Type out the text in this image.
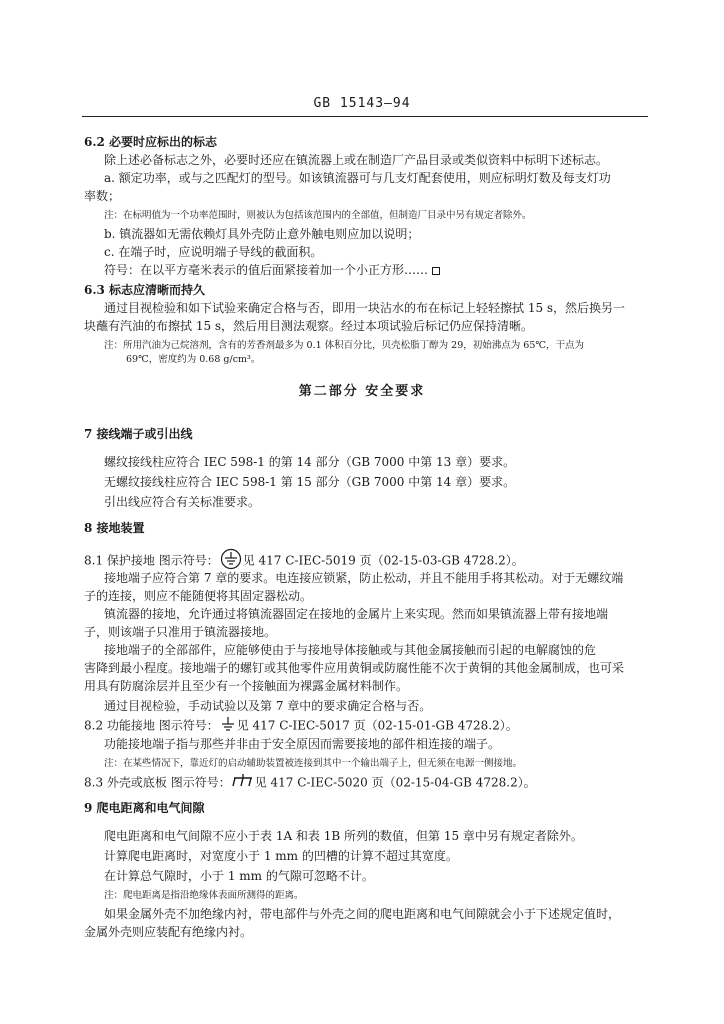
GB 15143—94
6.2 必要时应标出的标志
除上述必备标志之外，必要时还应在镇流器上或在制造厂产品目录或类似资料中标明下述标志。
a. 额定功率，或与之匹配灯的型号。如该镇流器可与几支灯配套使用，则应标明灯数及每支灯功
率数；
注：在标明值为一个功率范围时，则被认为包括该范围内的全部值，但制造厂目录中另有规定者除外。
b. 镇流器如无需依赖灯具外壳防止意外触电则应加以说明；
c. 在端子时，应说明端子导线的截面积。
符号：在以平方毫米表示的值后面紧接着加一个小正方形……
6.3 标志应清晰而持久
通过目视检验和如下试验来确定合格与否，即用一块沾水的布在标记上轻轻擦拭 15 s，然后换另一
块蘸有汽油的布擦拭 15 s，然后用目测法观察。经过本项试验后标记仍应保持清晰。
注：所用汽油为己烷溶剂，含有的芳香剂最多为 0.1 体积百分比，贝壳松脂丁醇为 29，初始沸点为 65℃，干点为
69℃，密度约为 0.68 g/cm³。
第二部分 安全要求
7 接线端子或引出线
螺纹接线柱应符合 IEC 598-1 的第 14 部分（GB 7000 中第 13 章）要求。
无螺纹接线柱应符合 IEC 598-1 第 15 部分（GB 7000 中第 14 章）要求。
引出线应符合有关标准要求。
8 接地装置
8.1 保护接地 图示符号： 见 417 C-IEC-5019 页（02-15-03-GB 4728.2）。
接地端子应符合第 7 章的要求。电连接应锁紧，防止松动，并且不能用手将其松动。对于无螺纹端
子的连接，则应不能随便将其固定器松动。
镇流器的接地，允许通过将镇流器固定在接地的金属片上来实现。然而如果镇流器上带有接地端
子，则该端子只准用于镇流器接地。
接地端子的全部部件，应能够使由于与接地导体接触或与其他金属接触而引起的电解腐蚀的危
害降到最小程度。接地端子的螺钉或其他零件应用黄铜或防腐性能不次于黄铜的其他金属制成，也可采
用具有防腐涂层并且至少有一个接触面为裸露金属材料制作。
通过目视检验，手动试验以及第 7 章中的要求确定合格与否。
8.2 功能接地 图示符号： 见 417 C-IEC-5017 页（02-15-01-GB 4728.2）。
功能接地端子指与那些并非由于安全原因而需要接地的部件相连接的端子。
注：在某些情况下，靠近灯的启动辅助装置被连接到其中一个输出端子上，但无须在电源一侧接地。
8.3 外壳或底板 图示符号： 见 417 C-IEC-5020 页（02-15-04-GB 4728.2）。
9 爬电距离和电气间隙
爬电距离和电气间隙不应小于表 1A 和表 1B 所列的数值，但第 15 章中另有规定者除外。
计算爬电距离时，对宽度小于 1 mm 的凹槽的计算不超过其宽度。
在计算总气隙时，小于 1 mm 的气隙可忽略不计。
注：爬电距离是指沿绝缘体表面所测得的距离。
如果金属外壳不加绝缘内衬，带电部件与外壳之间的爬电距离和电气间隙就会小于下述规定值时，
金属外壳则应装配有绝缘内衬。
